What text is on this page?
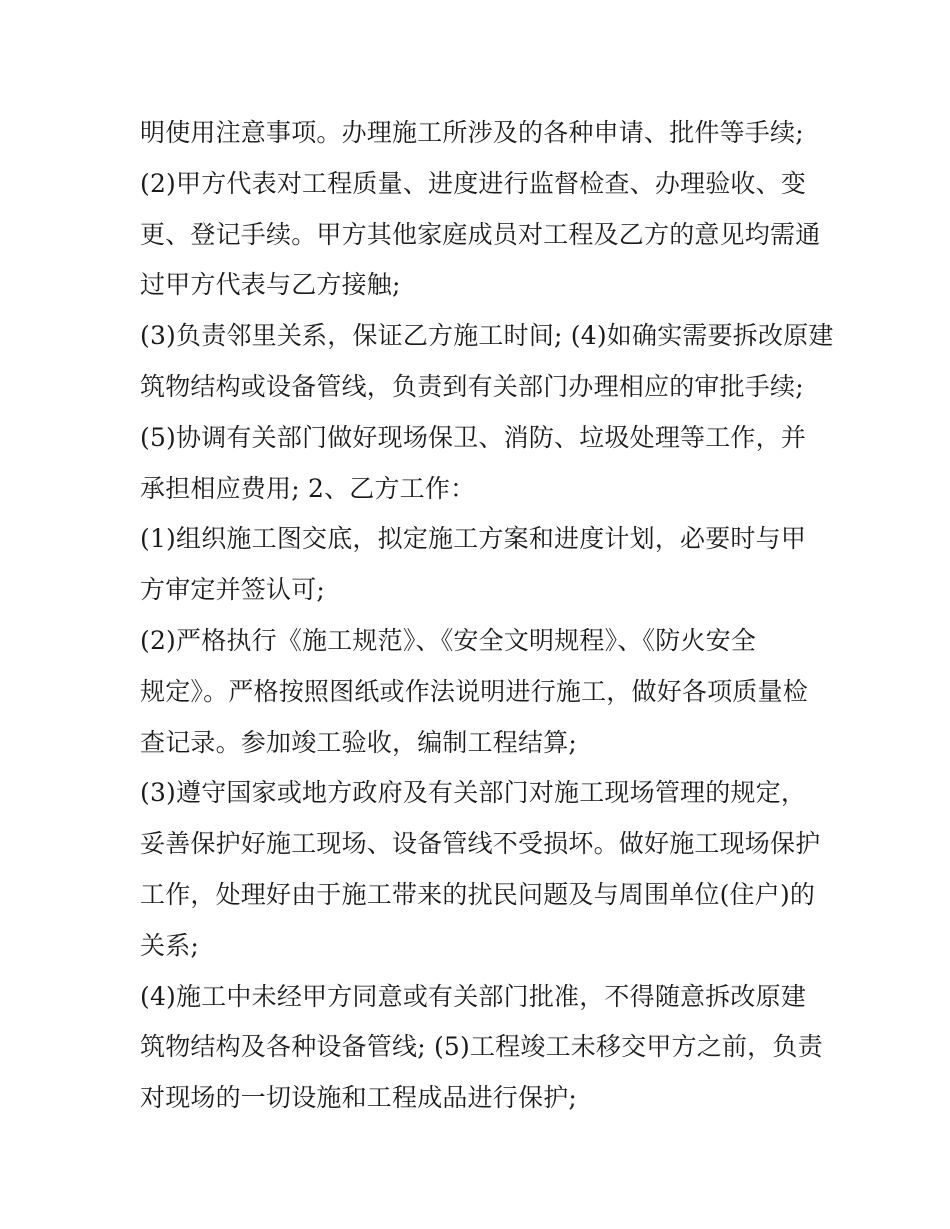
明使用注意事项。办理施工所涉及的各种申请、批件等手续;
(2)甲方代表对工程质量、进度进行监督检查、办理验收、变
更、登记手续。甲方其他家庭成员对工程及乙方的意见均需通
过甲方代表与乙方接触;
(3)负责邻里关系，保证乙方施工时间; (4)如确实需要拆改原建
筑物结构或设备管线，负责到有关部门办理相应的审批手续;
(5)协调有关部门做好现场保卫、消防、垃圾处理等工作，并
承担相应费用; 2、乙方工作：
(1)组织施工图交底，拟定施工方案和进度计划，必要时与甲
方审定并签认可;
(2)严格执行《施工规范》、《安全文明规程》、《防火安全
规定》。严格按照图纸或作法说明进行施工，做好各项质量检
查记录。参加竣工验收，编制工程结算;
(3)遵守国家或地方政府及有关部门对施工现场管理的规定，
妥善保护好施工现场、设备管线不受损坏。做好施工现场保护
工作，处理好由于施工带来的扰民问题及与周围单位(住户)的
关系;
(4)施工中未经甲方同意或有关部门批准，不得随意拆改原建
筑物结构及各种设备管线; (5)工程竣工未移交甲方之前，负责
对现场的一切设施和工程成品进行保护;
